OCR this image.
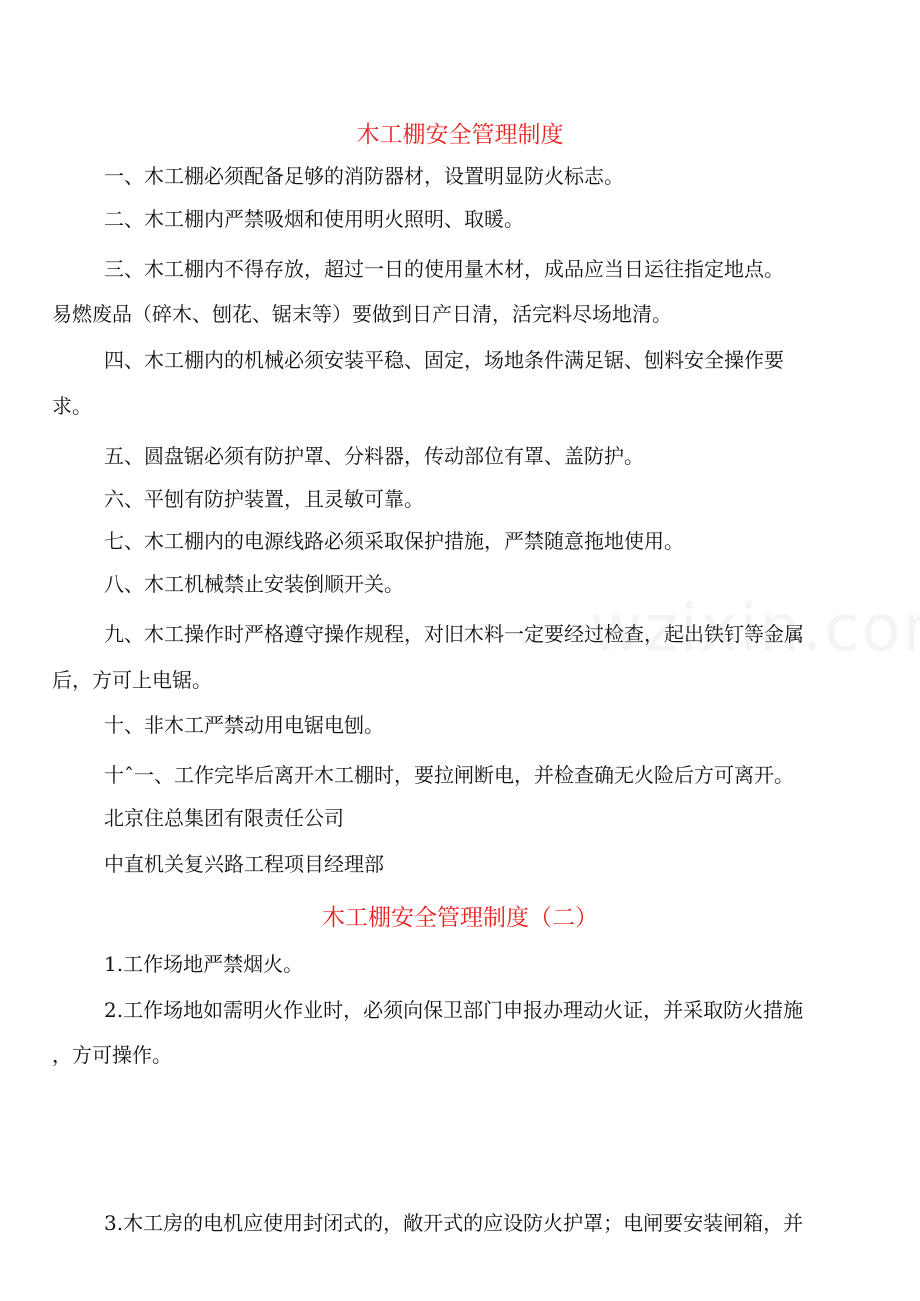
木工棚安全管理制度
一、木工棚必须配备足够的消防器材，设置明显防火标志。
二、木工棚内严禁吸烟和使用明火照明、取暖。
三、木工棚内不得存放，超过一日的使用量木材，成品应当日运往指定地点。
易燃废品（碎木、刨花、锯末等）要做到日产日清，活完料尽场地清。
四、木工棚内的机械必须安装平稳、固定，场地条件满足锯、刨料安全操作要
求。
五、圆盘锯必须有防护罩、分料器，传动部位有罩、盖防护。
六、平刨有防护装置，且灵敏可靠。
七、木工棚内的电源线路必须采取保护措施，严禁随意拖地使用。
八、木工机械禁止安装倒顺开关。
九、木工操作时严格遵守操作规程，对旧木料一定要经过检查，起出铁钉等金属
后，方可上电锯。
十、非木工严禁动用电锯电刨。
十ˆ一、工作完毕后离开木工棚时，要拉闸断电，并检查确无火险后方可离开。
北京住总集团有限责任公司
中直机关复兴路工程项目经理部
木工棚安全管理制度（二）
1.工作场地严禁烟火。
2.工作场地如需明火作业时，必须向保卫部门申报办理动火证，并采取防火措施
，方可操作。
3.木工房的电机应使用封闭式的，敞开式的应设防火护罩；电闸要安装闸箱，并
